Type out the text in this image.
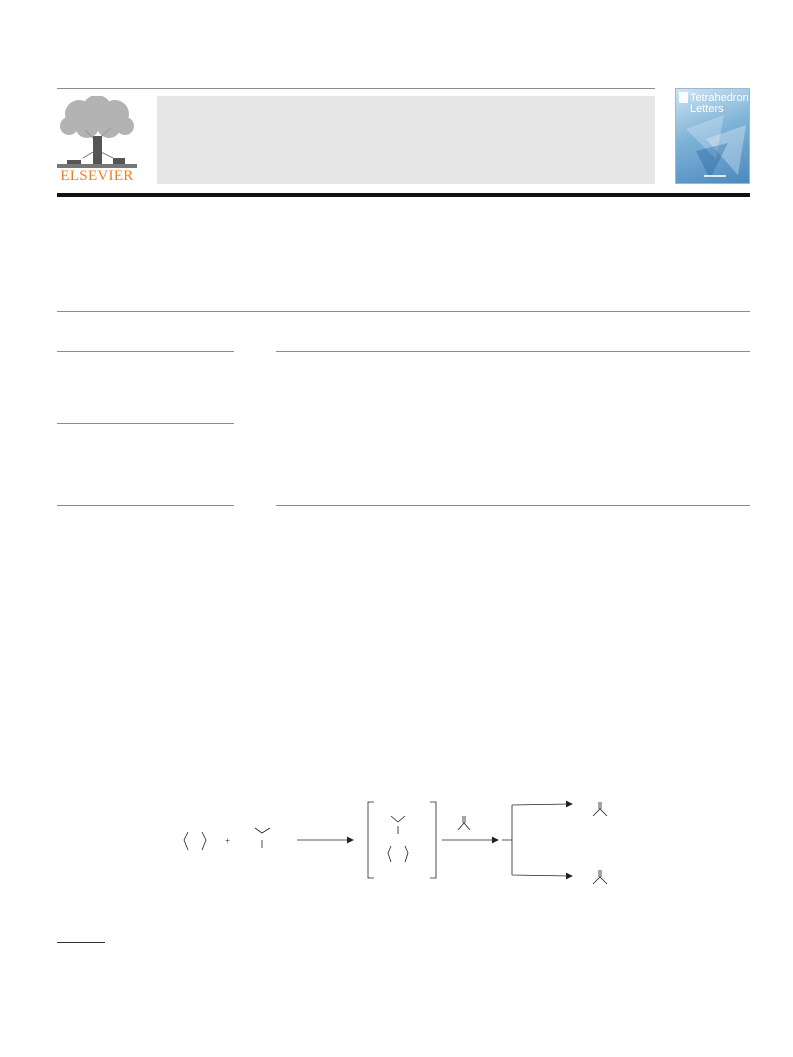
ELSEVIER
Tetrahedron
Letters
+
